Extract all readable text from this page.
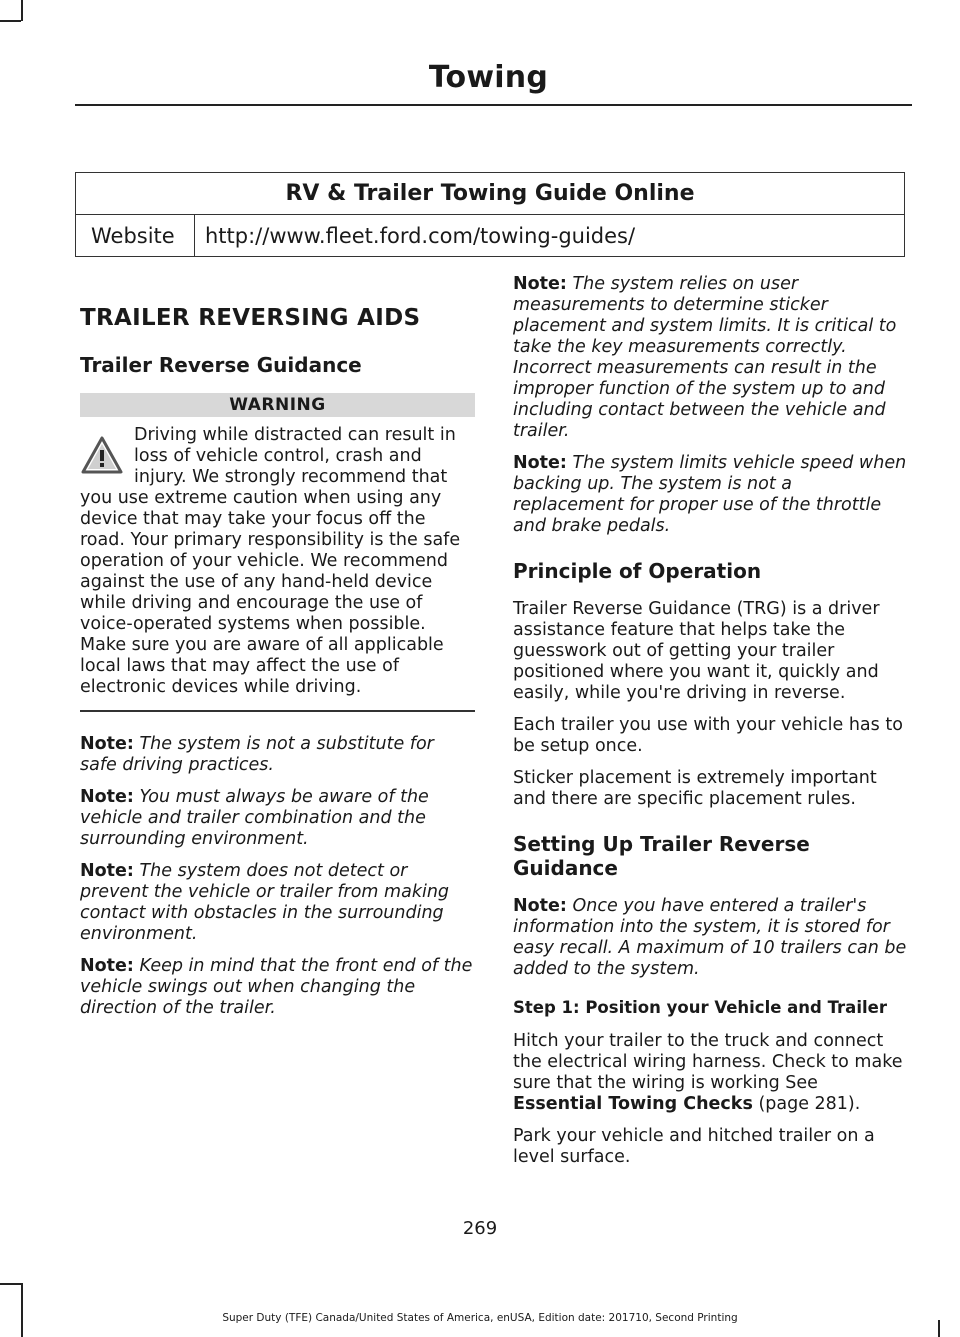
Towing
RV & Trailer Towing Guide Online
Website	http://www.fleet.ford.com/towing-guides/
TRAILER REVERSING AIDS
Trailer Reverse Guidance
WARNING
Driving while distracted can result in loss of vehicle control, crash and injury. We strongly recommend that you use extreme caution when using any device that may take your focus off the road. Your primary responsibility is the safe operation of your vehicle. We recommend against the use of any hand-held device while driving and encourage the use of voice-operated systems when possible. Make sure you are aware of all applicable local laws that may affect the use of electronic devices while driving.

Note: The system is not a substitute for safe driving practices.

Note: You must always be aware of the vehicle and trailer combination and the surrounding environment.

Note: The system does not detect or prevent the vehicle or trailer from making contact with obstacles in the surrounding environment.

Note: Keep in mind that the front end of the vehicle swings out when changing the direction of the trailer.

Note: The system relies on user measurements to determine sticker placement and system limits. It is critical to take the key measurements correctly. Incorrect measurements can result in the improper function of the system up to and including contact between the vehicle and trailer.

Note: The system limits vehicle speed when backing up. The system is not a replacement for proper use of the throttle and brake pedals.

Principle of Operation

Trailer Reverse Guidance (TRG) is a driver assistance feature that helps take the guesswork out of getting your trailer positioned where you want it, quickly and easily, while you're driving in reverse.

Each trailer you use with your vehicle has to be setup once.

Sticker placement is extremely important and there are specific placement rules.

Setting Up Trailer Reverse Guidance

Note: Once you have entered a trailer's information into the system, it is stored for easy recall. A maximum of 10 trailers can be added to the system.

Step 1: Position your Vehicle and Trailer

Hitch your trailer to the truck and connect the electrical wiring harness. Check to make sure that the wiring is working See Essential Towing Checks (page 281).

Park your vehicle and hitched trailer on a level surface.

269
Super Duty (TFE) Canada/United States of America, enUSA, Edition date: 201710, Second Printing
